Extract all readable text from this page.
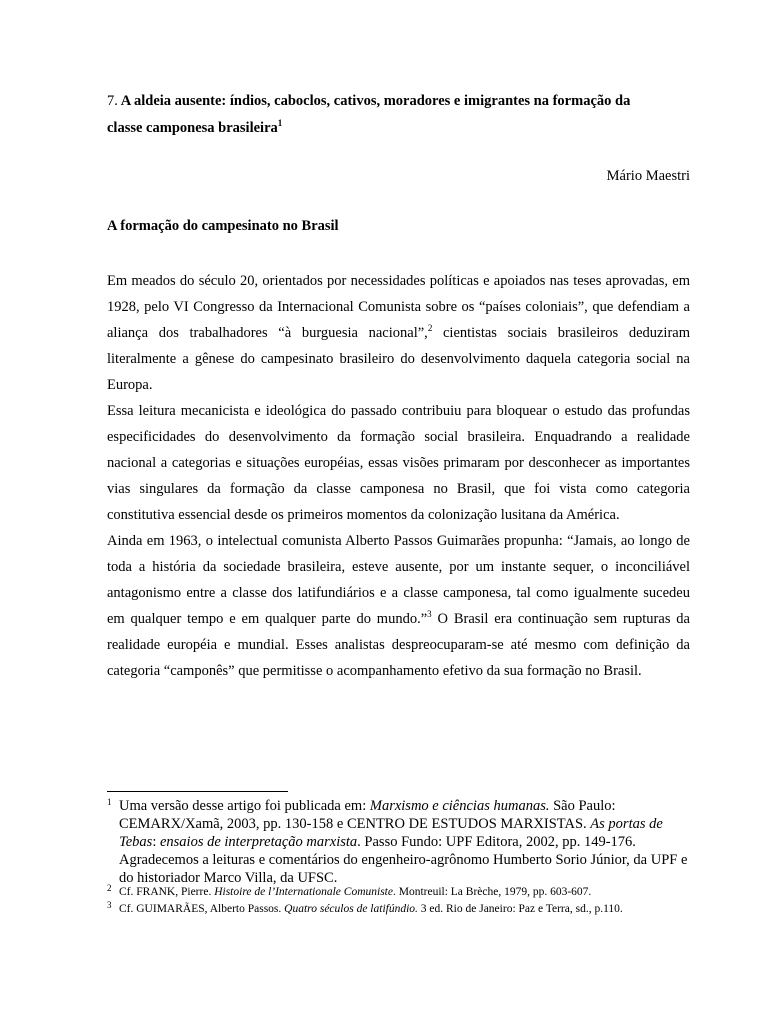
7. A aldeia ausente: índios, caboclos, cativos, moradores e imigrantes na formação da classe camponesa brasileira$^1$
Mário Maestri
A formação do campesinato no Brasil

Em meados do século 20, orientados por necessidades políticas e apoiados nas teses aprovadas, em 1928, pelo VI Congresso da Internacional Comunista sobre os “países coloniais”, que defendiam a aliança dos trabalhadores “à burguesia nacional”,$^2$ cientistas sociais brasileiros deduziram literalmente a gênese do campesinato brasileiro do desenvolvimento daquela categoria social na Europa.

Essa leitura mecanicista e ideológica do passado contribuiu para bloquear o estudo das profundas especificidades do desenvolvimento da formação social brasileira. Enquadrando a realidade nacional a categorias e situações européias, essas visões primaram por desconhecer as importantes vias singulares da formação da classe camponesa no Brasil, que foi vista como categoria constitutiva essencial desde os primeiros momentos da colonização lusitana da América.

Ainda em 1963, o intelectual comunista Alberto Passos Guimarães propunha: “Jamais, ao longo de toda a história da sociedade brasileira, esteve ausente, por um instante sequer, o inconciliável antagonismo entre a classe dos latifundiários e a classe camponesa, tal como igualmente sucedeu em qualquer tempo e em qualquer parte do mundo.”$^3$ O Brasil era continuação sem rupturas da realidade européia e mundial. Esses analistas despreocuparam-se até mesmo com definição da categoria “camponês” que permitisse o acompanhamento efetivo da sua formação no Brasil.

1 Uma versão desse artigo foi publicada em: Marxismo e ciências humanas. São Paulo: CEMARX/Xamã, 2003, pp. 130-158 e CENTRO DE ESTUDOS MARXISTAS. As portas de Tebas: ensaios de interpretação marxista. Passo Fundo: UPF Editora, 2002, pp. 149-176. Agradecemos a leituras e comentários do engenheiro-agrônomo Humberto Sorio Júnior, da UPF e do historiador Marco Villa, da UFSC.
2 Cf. FRANK, Pierre. Histoire de l’Internationale Comuniste. Montreuil: La Brèche, 1979, pp. 603-607.
3 Cf. GUIMARÃES, Alberto Passos. Quatro séculos de latifúndio. 3 ed. Rio de Janeiro: Paz e Terra, sd., p.110.
